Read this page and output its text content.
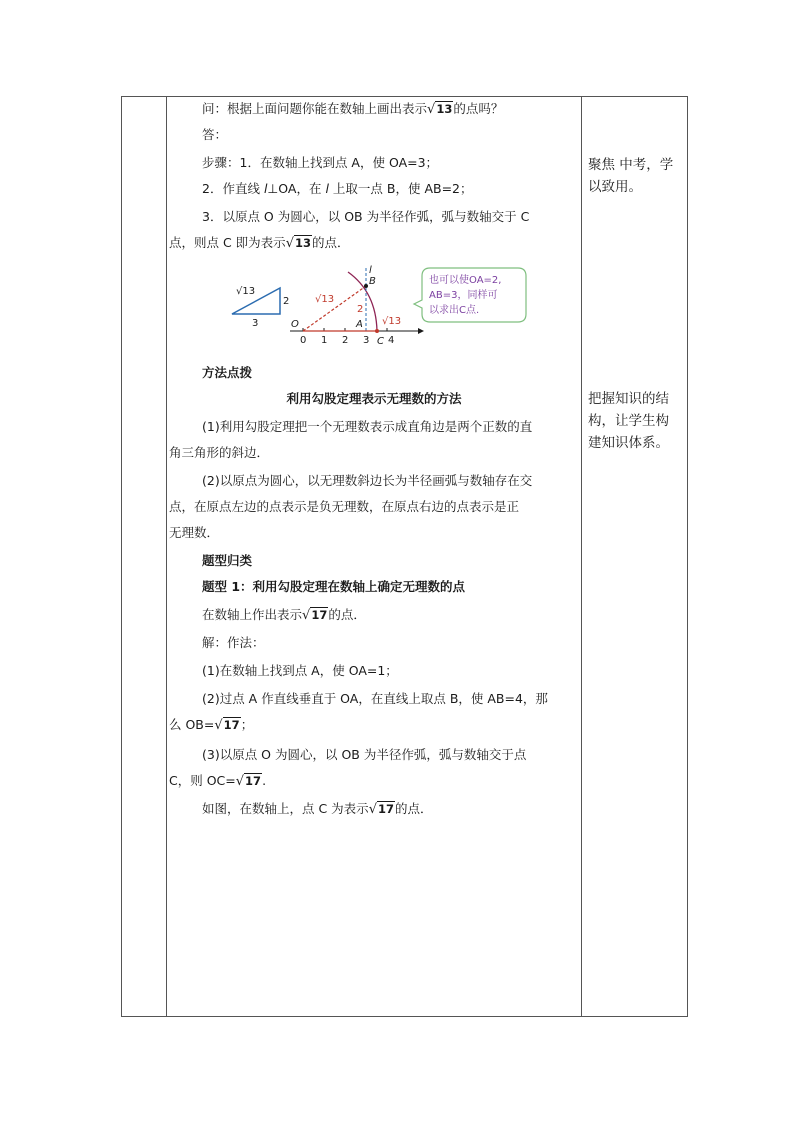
问：根据上面问题你能在数轴上画出表示√13的点吗？
答：
步骤：1．在数轴上找到点 A，使 OA=3；
2．作直线 l⊥OA，在 l 上取一点 B，使 AB=2；
3．以原点 O 为圆心，以 OB 为半径作弧，弧与数轴交于 C
点，则点 C 即为表示√13的点．
√13
2
3
0 1 2 3 4
O	A
B
C
l
√13
2
√13
也可以使OA=2,
AB=3，同样可
以求出C点.
方法点拨
利用勾股定理表示无理数的方法
(1)利用勾股定理把一个无理数表示成直角边是两个正数的直
角三角形的斜边．
(2)以原点为圆心，以无理数斜边长为半径画弧与数轴存在交
点，在原点左边的点表示是负无理数，在原点右边的点表示是正
无理数．
题型归类
题型 1：利用勾股定理在数轴上确定无理数的点
在数轴上作出表示√17的点．
解：作法：
(1)在数轴上找到点 A，使 OA=1；
(2)过点 A 作直线垂直于 OA，在直线上取点 B，使 AB=4，那
么 OB=√17；
(3)以原点 O 为圆心，以 OB 为半径作弧，弧与数轴交于点
C，则 OC=√17.
如图，在数轴上，点 C 为表示√17的点．
聚焦 中考，学
以致用。
把握知识的结
构，让学生构
建知识体系。
